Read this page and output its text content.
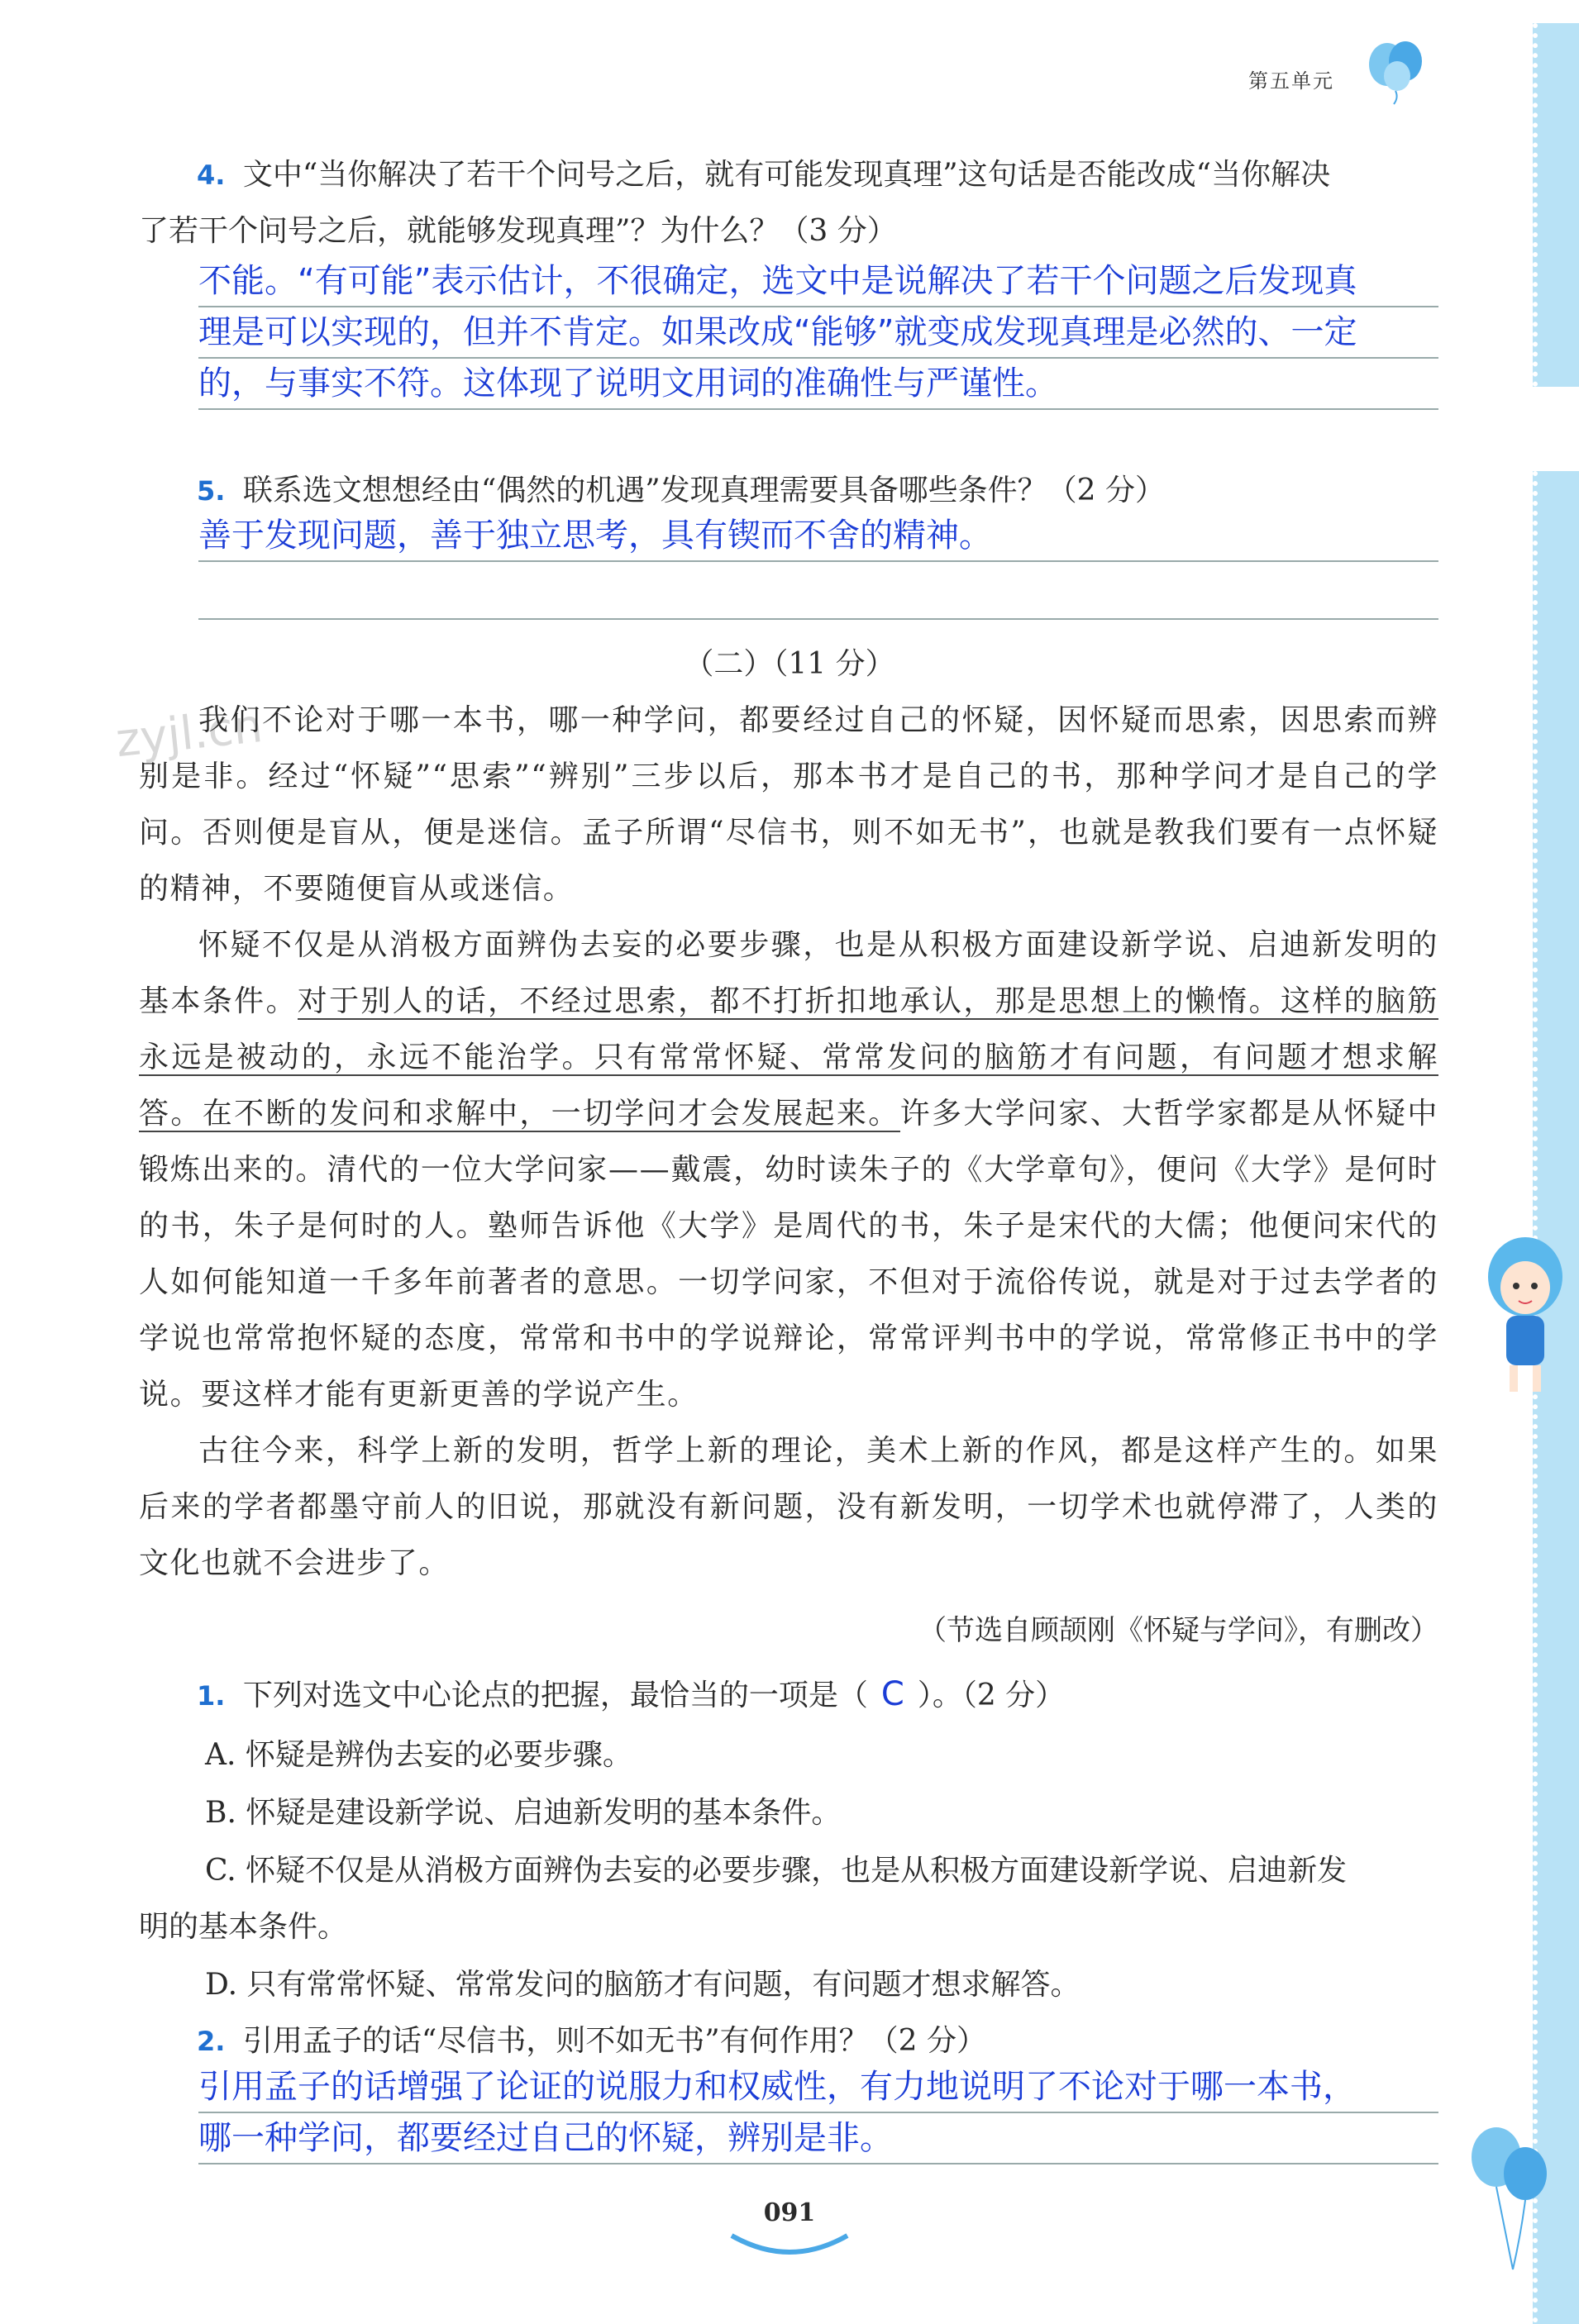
第五单元
4. 文中“当你解决了若干个问号之后，就有可能发现真理”这句话是否能改成“当你解决
了若干个问号之后，就能够发现真理”？为什么？（3 分）
不能。“有可能”表示估计，不很确定，选文中是说解决了若干个问题之后发现真
理是可以实现的，但并不肯定。如果改成“能够”就变成发现真理是必然的、一定
的，与事实不符。这体现了说明文用词的准确性与严谨性。
5. 联系选文想想经由“偶然的机遇”发现真理需要具备哪些条件？（2 分）
善于发现问题，善于独立思考，具有锲而不舍的精神。
（二）（11 分）
zyjl.cn

我们不论对于哪一本书，哪一种学问，都要经过自己的怀疑，因怀疑而思索，因思索而辨别是非。经过“怀疑”“思索”“辨别”三步以后，那本书才是自己的书，那种学问才是自己的学问。否则便是盲从，便是迷信。孟子所谓“尽信书，则不如无书”，也就是教我们要有一点怀疑的精神，不要随便盲从或迷信。

怀疑不仅是从消极方面辨伪去妄的必要步骤，也是从积极方面建设新学说、启迪新发明的基本条件。对于别人的话，不经过思索，都不打折扣地承认，那是思想上的懒惰。这样的脑筋永远是被动的，永远不能治学。只有常常怀疑、常常发问的脑筋才有问题，有问题才想求解答。在不断的发问和求解中，一切学问才会发展起来。许多大学问家、大哲学家都是从怀疑中锻炼出来的。清代的一位大学问家——戴震，幼时读朱子的《大学章句》，便问《大学》是何时的书，朱子是何时的人。塾师告诉他《大学》是周代的书，朱子是宋代的大儒；他便问宋代的人如何能知道一千多年前著者的意思。一切学问家，不但对于流俗传说，就是对于过去学者的学说也常常抱怀疑的态度，常常和书中的学说辩论，常常评判书中的学说，常常修正书中的学说。要这样才能有更新更善的学说产生。

古往今来，科学上新的发明，哲学上新的理论，美术上新的作风，都是这样产生的。如果后来的学者都墨守前人的旧说，那就没有新问题，没有新发明，一切学术也就停滞了，人类的文化也就不会进步了。

（节选自顾颉刚《怀疑与学问》，有删改）
1. 下列对选文中心论点的把握，最恰当的一项是（ C ）。（2 分）
A. 怀疑是辨伪去妄的必要步骤。
B. 怀疑是建设新学说、启迪新发明的基本条件。
C. 怀疑不仅是从消极方面辨伪去妄的必要步骤，也是从积极方面建设新学说、启迪新发
明的基本条件。
D. 只有常常怀疑、常常发问的脑筋才有问题，有问题才想求解答。
2. 引用孟子的话“尽信书，则不如无书”有何作用？（2 分）
引用孟子的话增强了论证的说服力和权威性，有力地说明了不论对于哪一本书，
哪一种学问，都要经过自己的怀疑，辨别是非。
091
